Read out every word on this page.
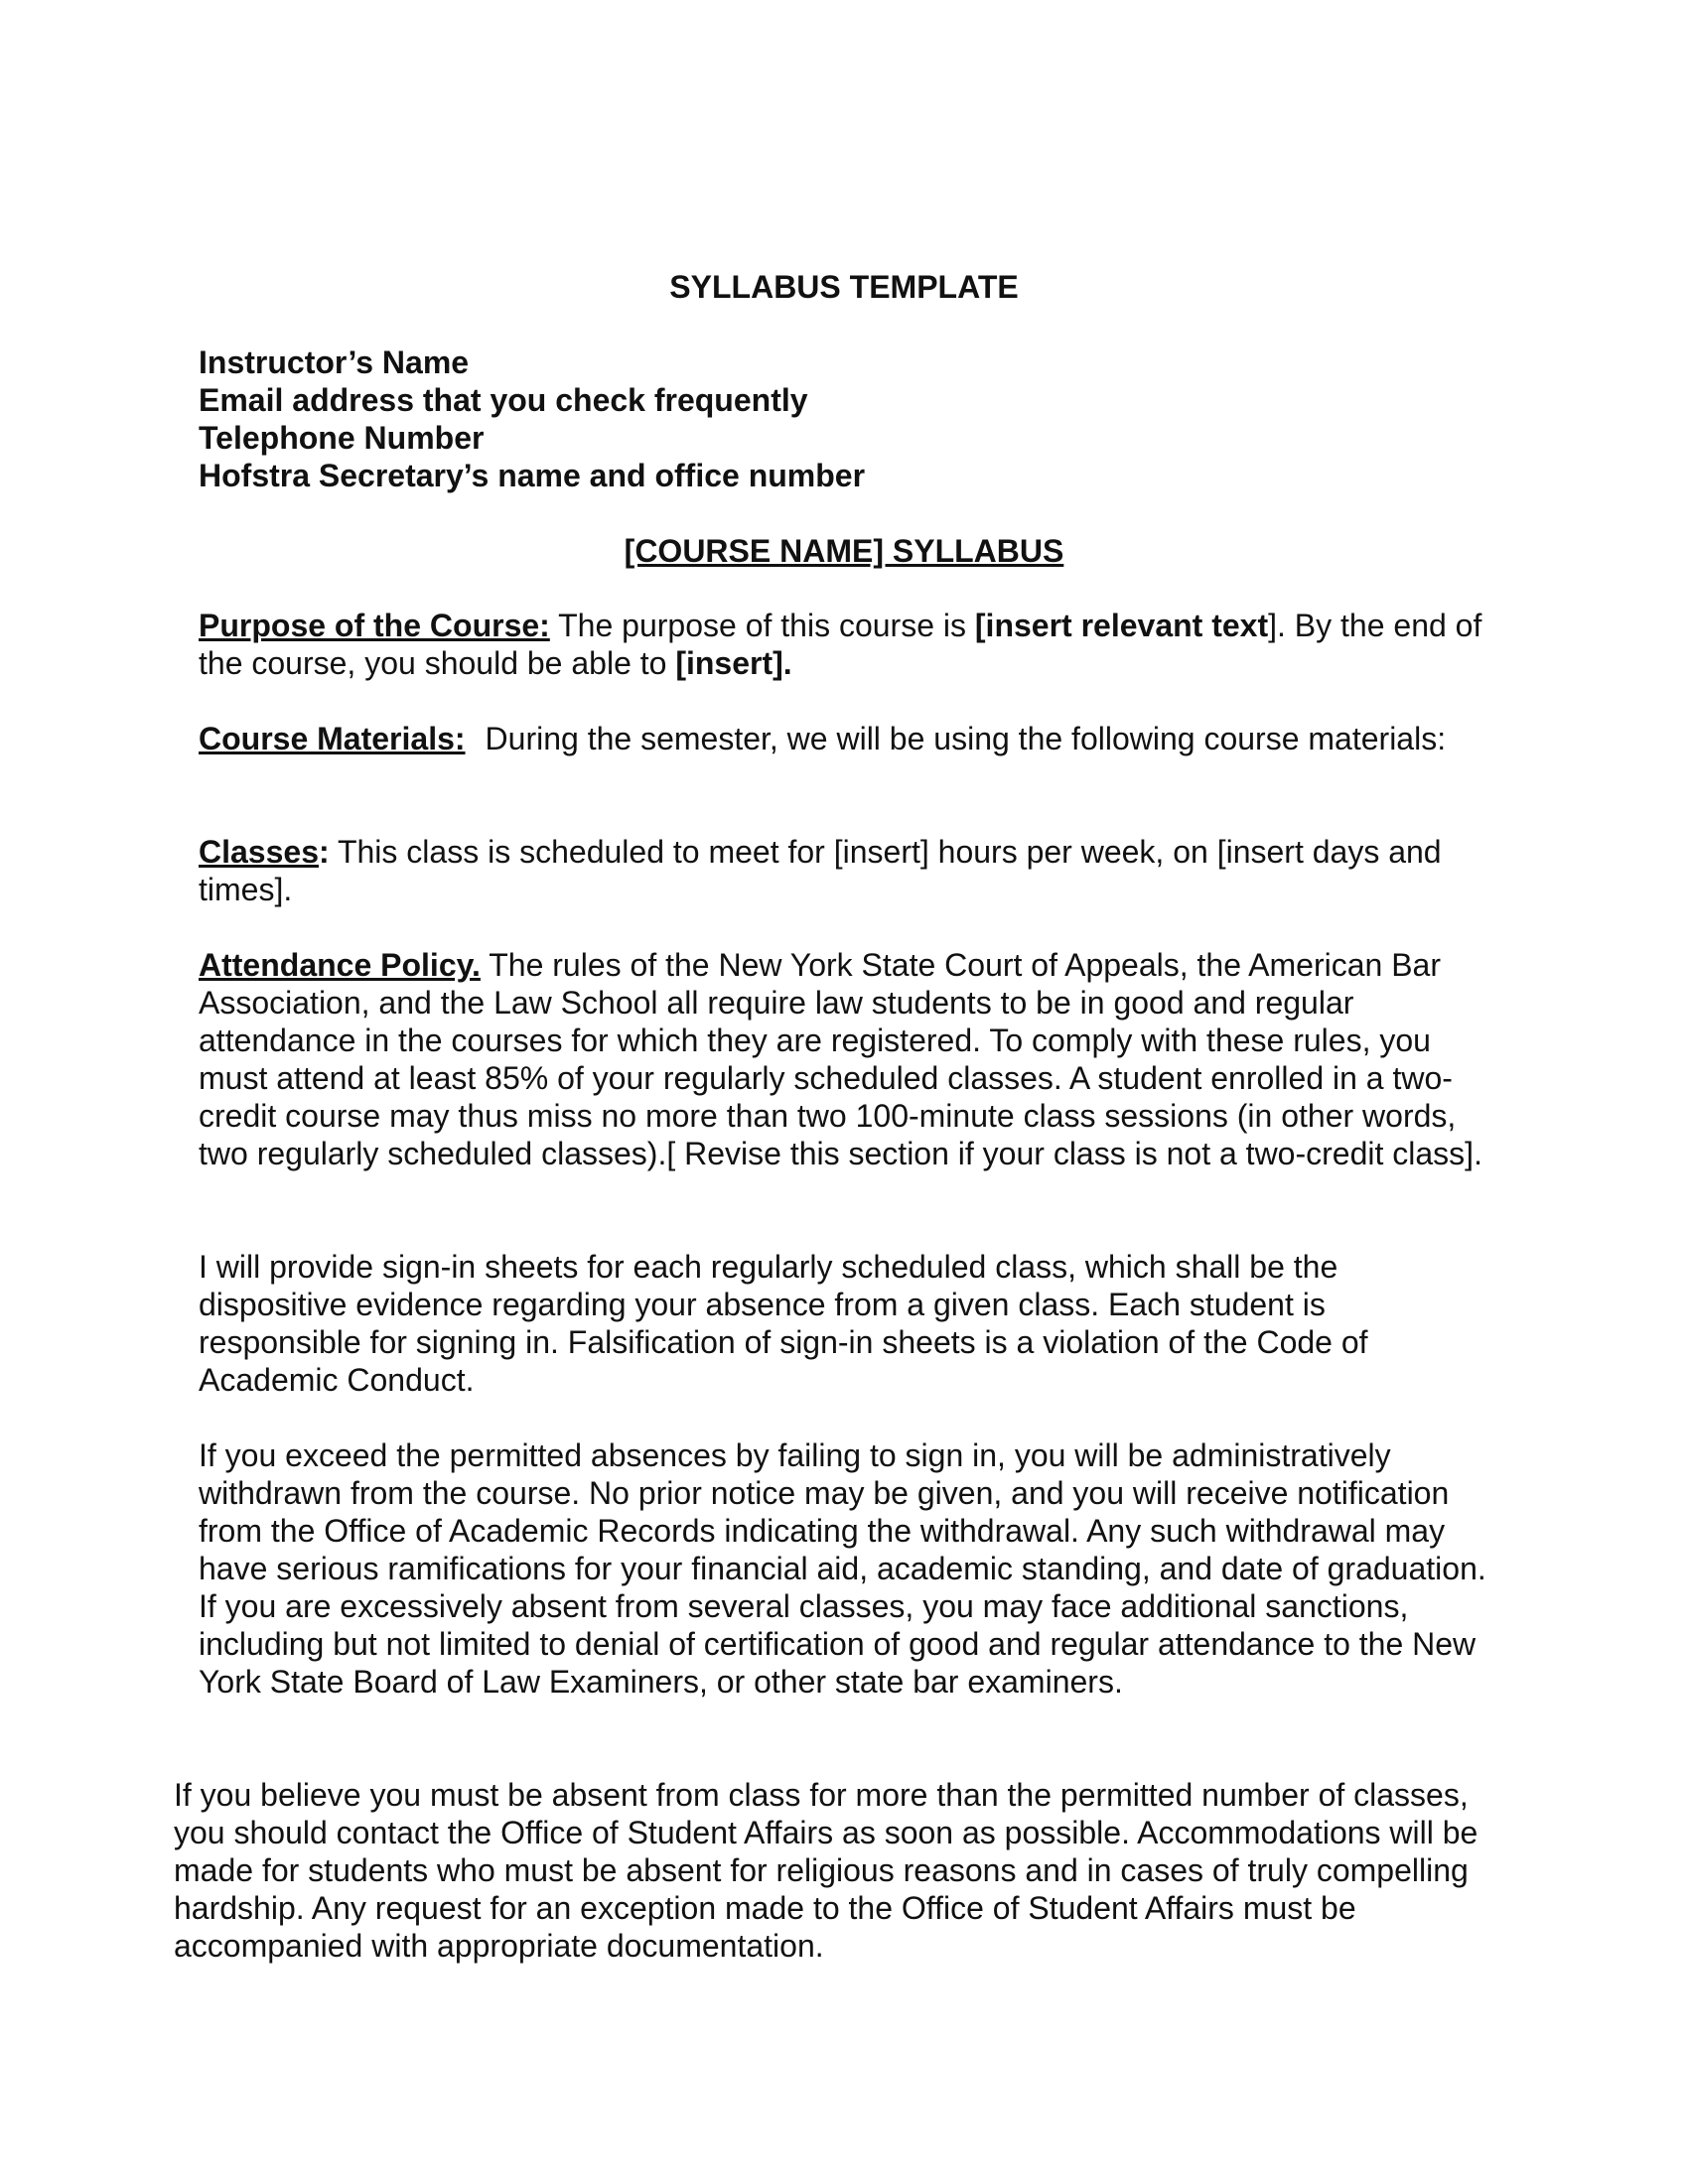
SYLLABUS TEMPLATE
Instructor’s Name
Email address that you check frequently
Telephone Number
Hofstra Secretary’s name and office number
[COURSE NAME] SYLLABUS

Purpose of the Course: The purpose of this course is [insert relevant text]. By the end of the course, you should be able to [insert].

Course Materials: During the semester, we will be using the following course materials:

Classes: This class is scheduled to meet for [insert] hours per week, on [insert days and times].

Attendance Policy. The rules of the New York State Court of Appeals, the American Bar Association, and the Law School all require law students to be in good and regular attendance in the courses for which they are registered. To comply with these rules, you must attend at least 85% of your regularly scheduled classes. A student enrolled in a two-credit course may thus miss no more than two 100-minute class sessions (in other words, two regularly scheduled classes).[ Revise this section if your class is not a two-credit class].

I will provide sign-in sheets for each regularly scheduled class, which shall be the dispositive evidence regarding your absence from a given class. Each student is responsible for signing in. Falsification of sign-in sheets is a violation of the Code of Academic Conduct.

If you exceed the permitted absences by failing to sign in, you will be administratively withdrawn from the course. No prior notice may be given, and you will receive notification from the Office of Academic Records indicating the withdrawal. Any such withdrawal may have serious ramifications for your financial aid, academic standing, and date of graduation. If you are excessively absent from several classes, you may face additional sanctions, including but not limited to denial of certification of good and regular attendance to the New York State Board of Law Examiners, or other state bar examiners.

If you believe you must be absent from class for more than the permitted number of classes, you should contact the Office of Student Affairs as soon as possible. Accommodations will be made for students who must be absent for religious reasons and in cases of truly compelling hardship. Any request for an exception made to the Office of Student Affairs must be accompanied with appropriate documentation.
